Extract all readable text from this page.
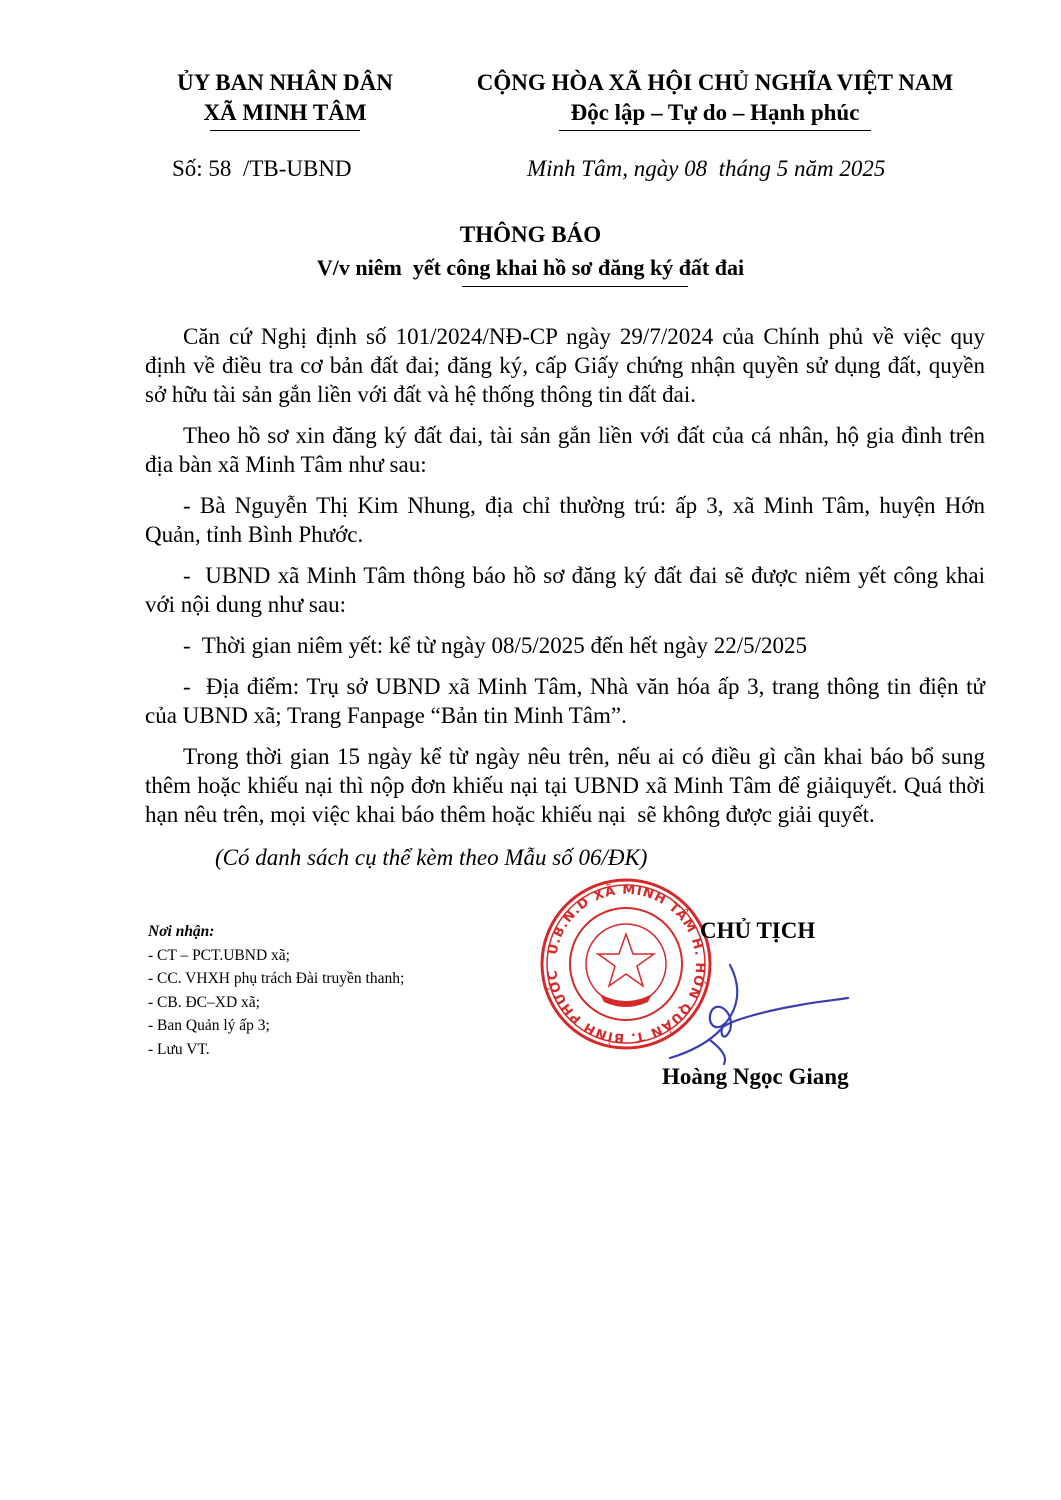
ỦY BAN NHÂN DÂN
XÃ MINH TÂM
CỘNG HÒA XÃ HỘI CHỦ NGHĨA VIỆT NAM
Độc lập – Tự do – Hạnh phúc
Số: 58  /TB-UBND	Minh Tâm, ngày 08  tháng 5 năm 2025
THÔNG BÁO
V/v niêm  yết công khai hồ sơ đăng ký đất đai

Căn cứ Nghị định số 101/2024/NĐ-CP ngày 29/7/2024 của Chính phủ về việc quy định về điều tra cơ bản đất đai; đăng ký, cấp Giấy chứng nhận quyền sử dụng đất, quyền sở hữu tài sản gắn liền với đất và hệ thống thông tin đất đai.

Theo hồ sơ xin đăng ký đất đai, tài sản gắn liền với đất của cá nhân, hộ gia đình trên địa bàn xã Minh Tâm như sau:

- Bà Nguyễn Thị Kim Nhung, địa chỉ thường trú: ấp 3, xã Minh Tâm, huyện Hớn Quản, tỉnh Bình Phước.

-  UBND xã Minh Tâm thông báo hồ sơ đăng ký đất đai sẽ được niêm yết công khai với nội dung như sau:

-  Thời gian niêm yết: kể từ ngày 08/5/2025 đến hết ngày 22/5/2025

-  Địa điểm: Trụ sở UBND xã Minh Tâm, Nhà văn hóa ấp 3, trang thông tin điện tử của UBND xã; Trang Fanpage “Bản tin Minh Tâm”.

Trong thời gian 15 ngày kể từ ngày nêu trên, nếu ai có điều gì cần khai báo bổ sung thêm hoặc khiếu nại thì nộp đơn khiếu nại tại UBND xã Minh Tâm để giảiquyết. Quá thời hạn nêu trên, mọi việc khai báo thêm hoặc khiếu nại  sẽ không được giải quyết.

(Có danh sách cụ thể kèm theo Mẫu số 06/ĐK)

Nơi nhận:
- CT – PCT.UBND xã;
- CC. VHXH phụ trách Đài truyền thanh;
- CB. ĐC–XD xã;
- Ban Quản lý ấp 3;
- Lưu VT.
U.B.N.D XÃ MINH TÂM H. HỚN QUẢN T. BÌNH PHƯỚC
CHỦ TỊCH
Hoàng Ngọc Giang
